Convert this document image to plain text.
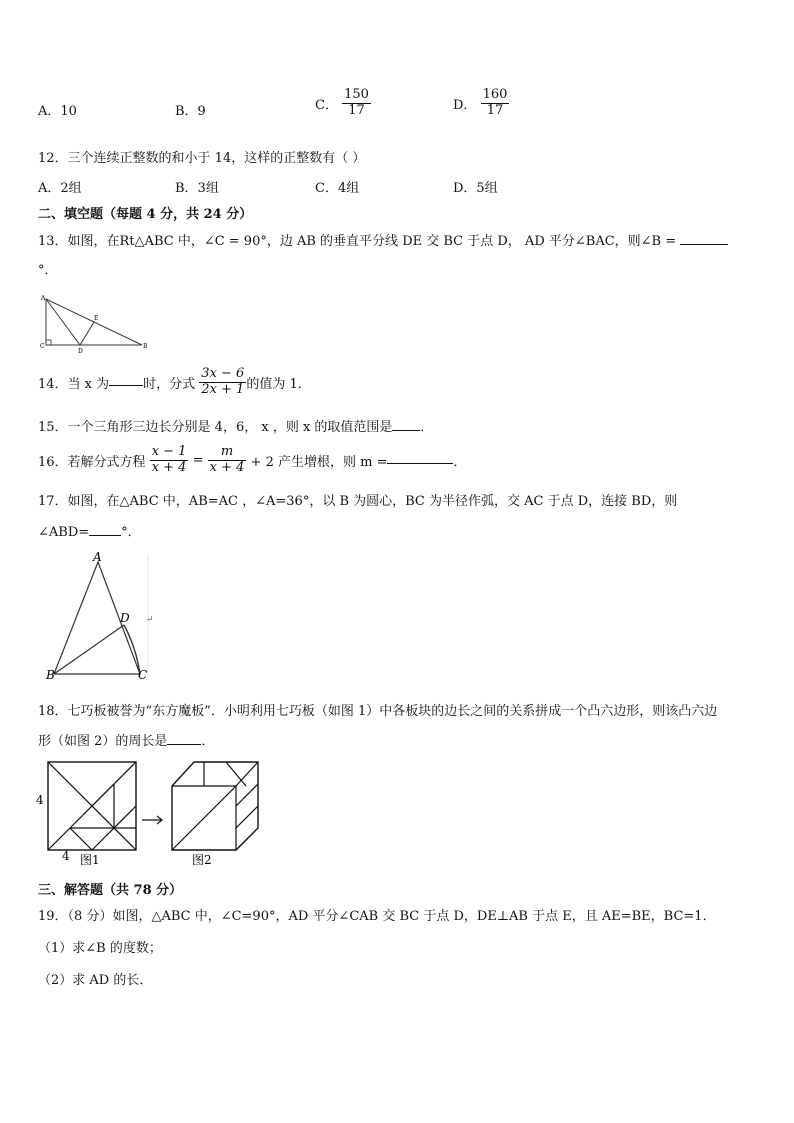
A．10	B．9	C． $\frac{150}{17}$	D． $\frac{160}{17}$
12．三个连续正整数的和小于 14，这样的正整数有（ ）
A．2组	B．3组	C．4组	D．5组
二、填空题（每题 4 分，共 24 分）
13．如图，在Rt△ABC 中，∠C = 90°，边 AB 的垂直平分线 DE 交 BC 于点 D， AD 平分∠BAC，则∠B =
°．
A
C
D
E
B
14．当 x 为	时，分式 $\frac{3x - 6}{2x + 1}$ 的值为 1．
15．一个三角形三边长分别是 4，6， x ，则 x 的取值范围是 ．
16．若解分式方程 $\frac{x - 1}{x + 4} = \frac{m}{x + 4} + 2$ 产生增根，则 m =	．
17．如图，在△ABC 中，AB=AC ，∠A=36°，以 B 为圆心，BC 为半径作弧，交 AC 于点 D，连接 BD，则
∠ABD= °．
A
D
B	C
↵
18．七巧板被誉为“东方魔板”．小明利用七巧板（如图 1）中各板块的边长之间的关系拼成一个凸六边形，则该凸六边
形（如图 2）的周长是	．
4
4 图1	图2
三、解答题（共 78 分）
19．（8 分）如图，△ABC 中，∠C=90°，AD 平分∠CAB 交 BC 于点 D，DE⊥AB 于点 E，且 AE=BE，BC=1．
（1）求∠B 的度数；
（2）求 AD 的长．
